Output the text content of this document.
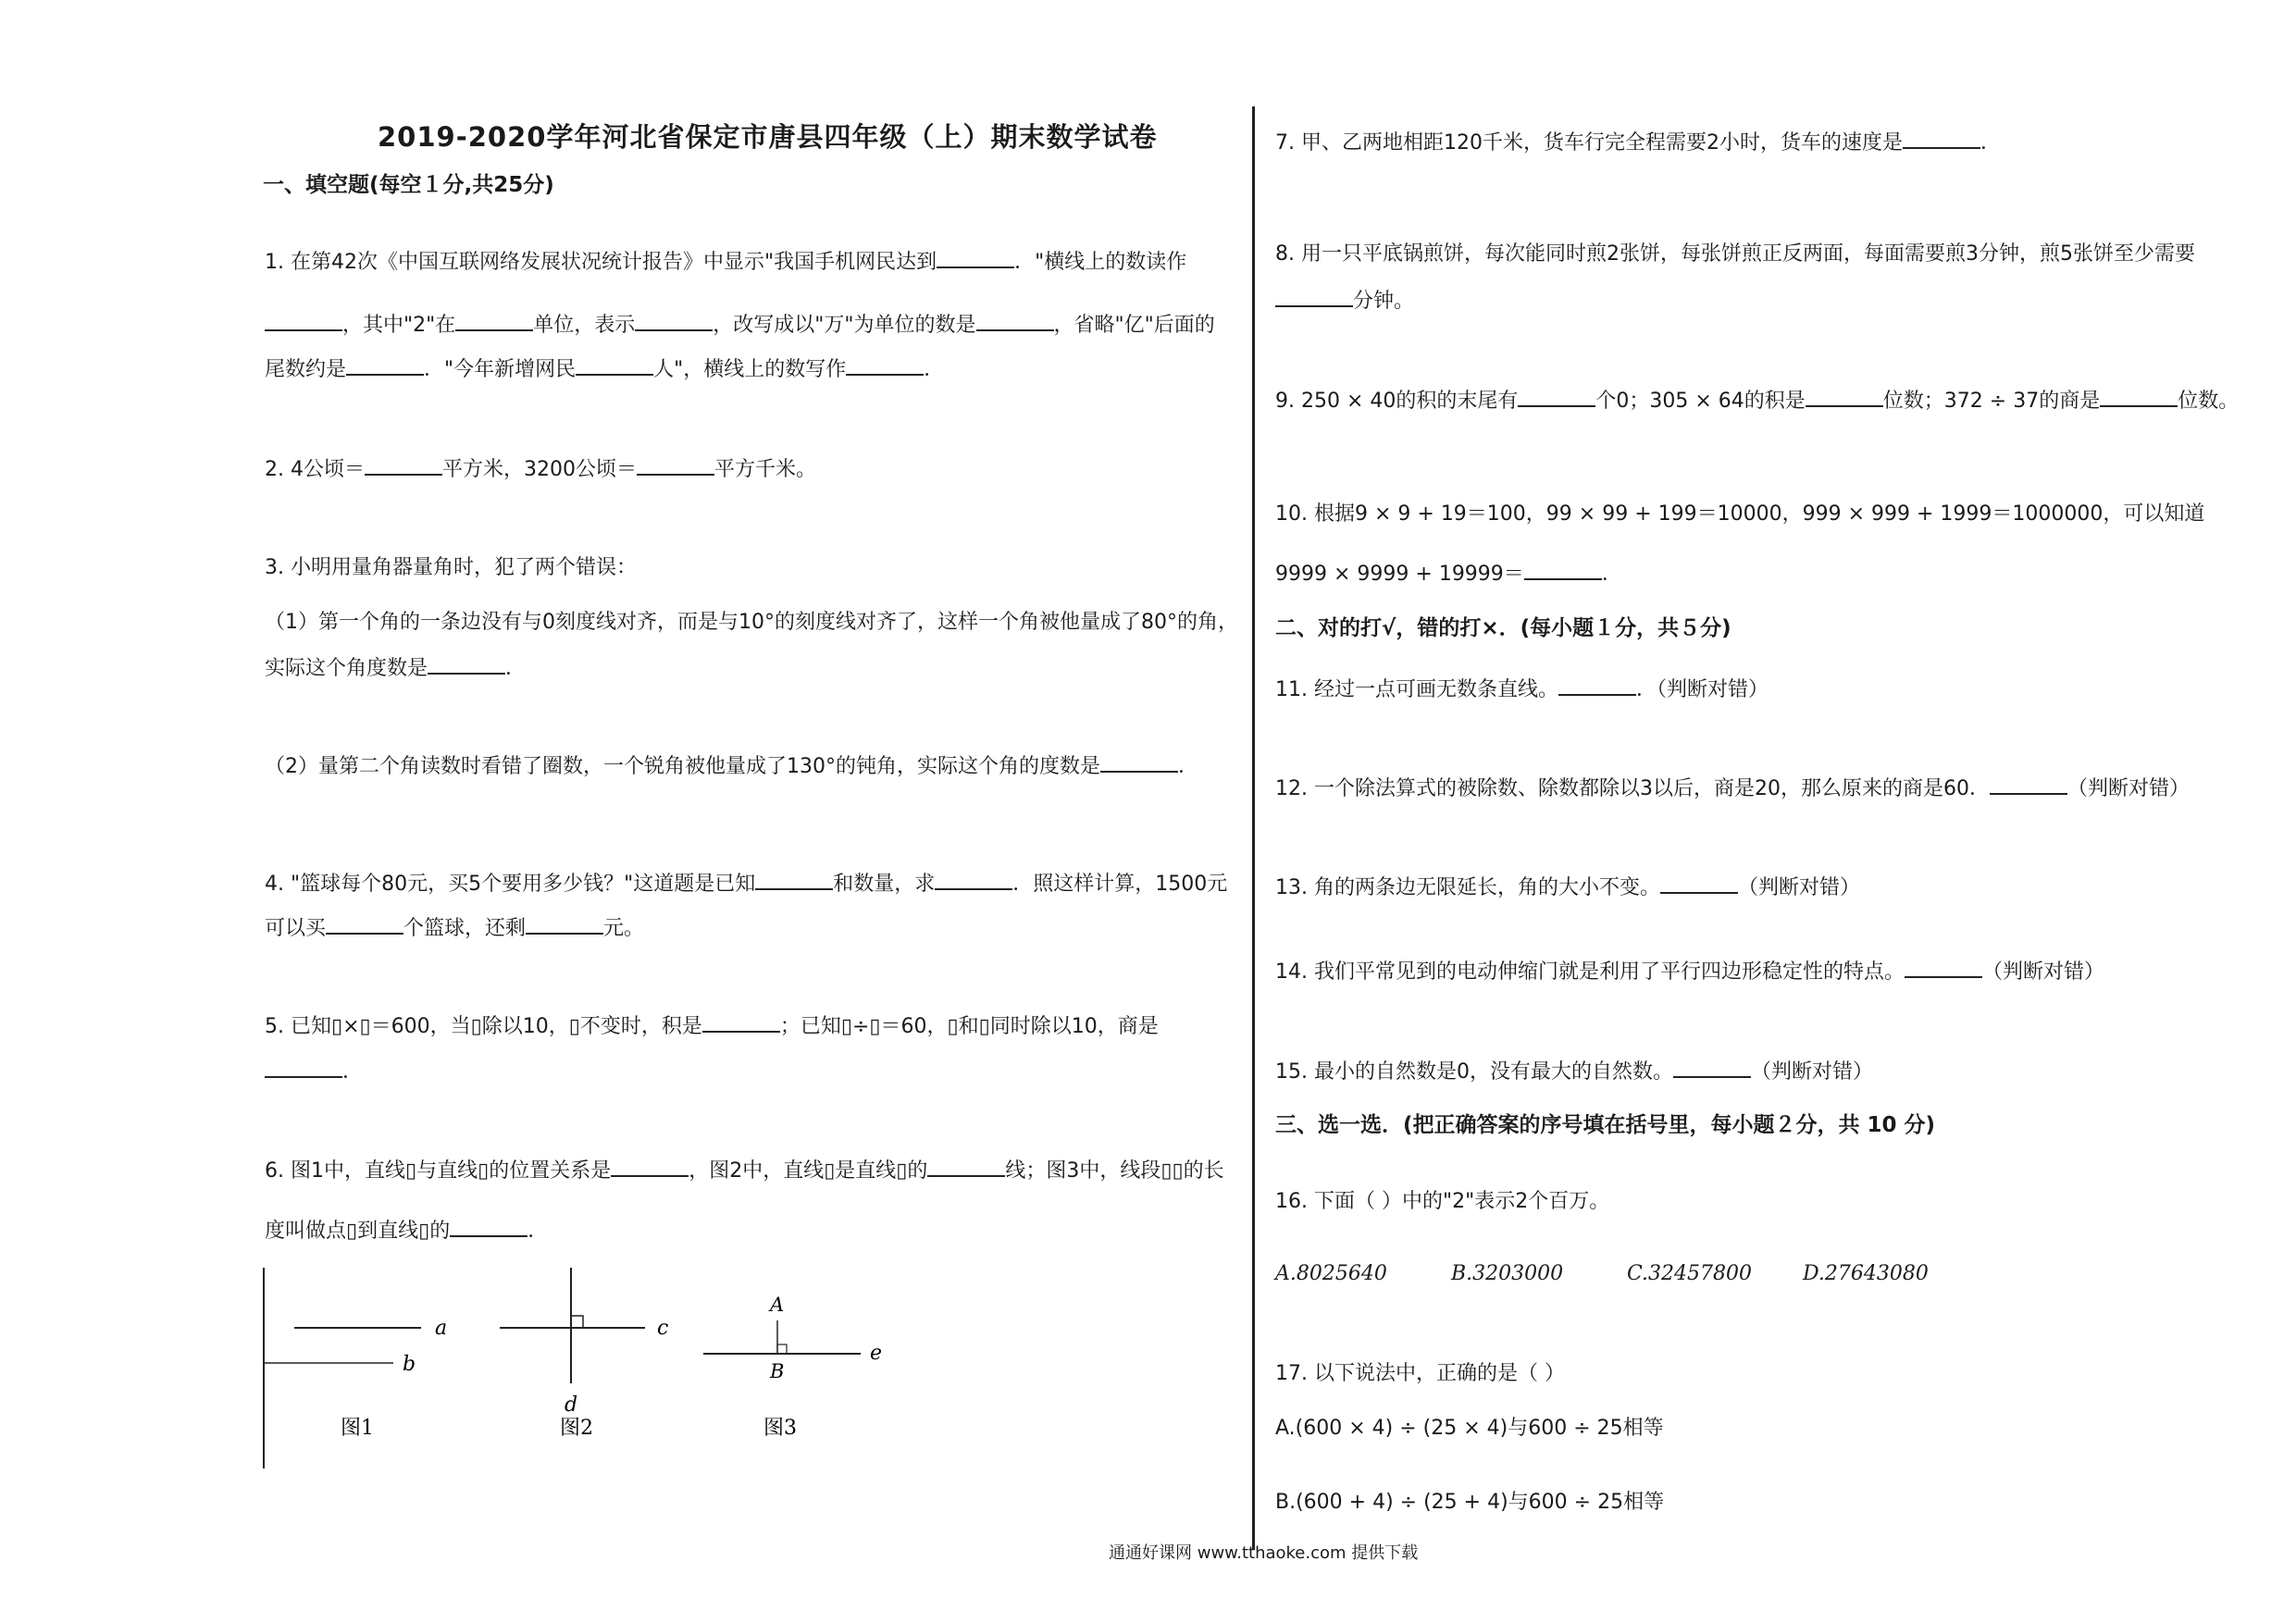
2019-2020学年河北省保定市唐县四年级（上）期末数学试卷
一、填空题(每空１分,共25分)
1. 在第42次《中国互联网络发展状况统计报告》中显示"我国手机网民达到	．"横线上的数读作
，其中"2"在	单位，表示	，改写成以"万"为单位的数是	，省略"亿"后面的
尾数约是	．"今年新增网民	人"，横线上的数写作	．
2. 4公顷＝	平方米，3200公顷＝	平方千米。
3. 小明用量角器量角时，犯了两个错误：
（1）第一个角的一条边没有与0刻度线对齐，而是与10°的刻度线对齐了，这样一个角被他量成了80°的角，
实际这个角度数是	．
（2）量第二个角读数时看错了圈数，一个锐角被他量成了130°的钝角，实际这个角的度数是	．
4. "篮球每个80元，买5个要用多少钱？"这道题是已知	和数量，求	．照这样计算，1500元
可以买	个篮球，还剩	元。
5. 已知▯×▯＝600，当▯除以10，▯不变时，积是	；已知▯÷▯＝60，▯和▯同时除以10，商是
．
6. 图1中，直线▯与直线▯的位置关系是	，图2中，直线▯是直线▯的	线；图3中，线段▯▯的长
度叫做点▯到直线▯的	．
a
b
图1
c
d
图2
A
B
e
图3
7. 甲、乙两地相距120千米，货车行完全程需要2小时，货车的速度是	．
8. 用一只平底锅煎饼，每次能同时煎2张饼，每张饼煎正反两面，每面需要煎3分钟，煎5张饼至少需要
分钟。
9. 250 × 40的积的末尾有	个0；305 × 64的积是	位数；372 ÷ 37的商是	位数。
10. 根据9 × 9 + 19＝100，99 × 99 + 199＝10000，999 × 999 + 1999＝1000000，可以知道
9999 × 9999 + 19999＝	．
二、对的打√，错的打×．(每小题１分，共５分)
11. 经过一点可画无数条直线。	．（判断对错）
12. 一个除法算式的被除数、除数都除以3以后，商是20，那么原来的商是60．	（判断对错）
13. 角的两条边无限延长，角的大小不变。	（判断对错）
14. 我们平常见到的电动伸缩门就是利用了平行四边形稳定性的特点。	（判断对错）
15. 最小的自然数是0，没有最大的自然数。	（判断对错）
三、选一选．(把正确答案的序号填在括号里，每小题２分，共 10 分)
16. 下面（ ）中的"2"表示2个百万。
A.8025640	B.3203000	C.32457800 D.27643080
17. 以下说法中，正确的是（ ）
A.(600 × 4) ÷ (25 × 4)与600 ÷ 25相等
B.(600 + 4) ÷ (25 + 4)与600 ÷ 25相等
通通好课网 www.tthaoke.com 提供下载
